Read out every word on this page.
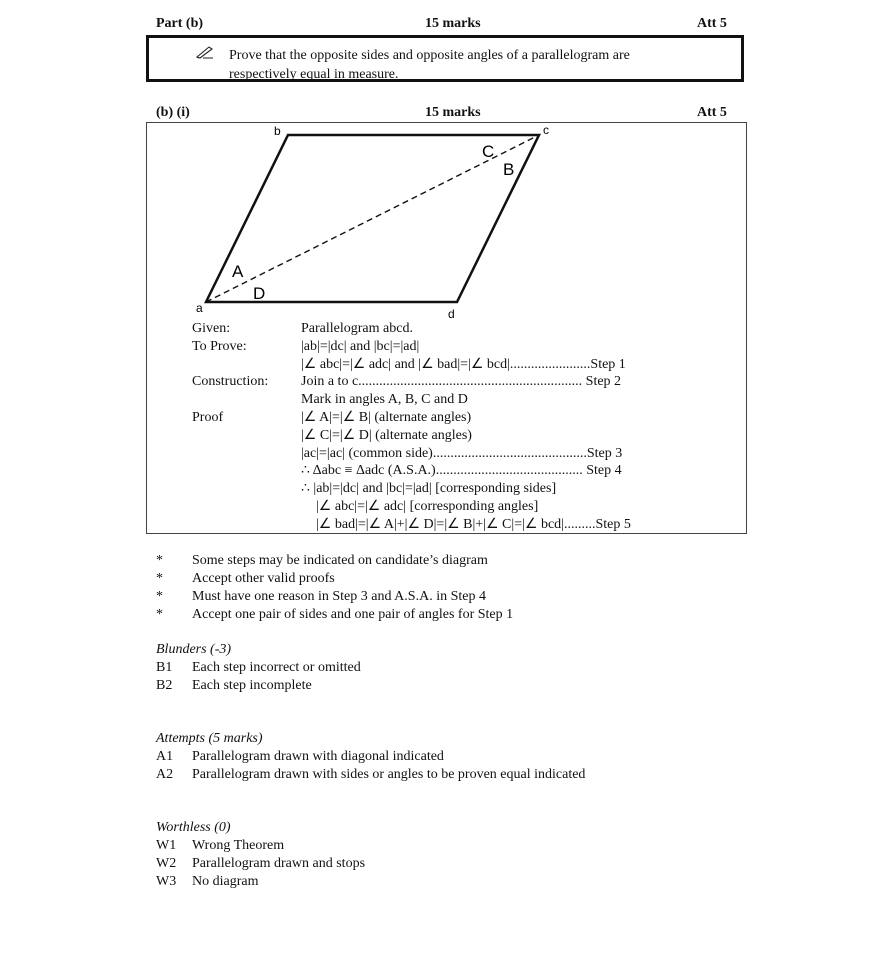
Part (b)	15 marks	Att 5
Prove that the opposite sides and opposite angles of a parallelogram are
respectively equal in measure.
(b) (i)	15 marks	Att 5
a
b	c
d
A
B
C
D
Given:	Parallelogram abcd.
To Prove:	|ab|=|dc| and |bc|=|ad|
|∠ abc|=|∠ adc| and |∠ bad|=|∠ bcd|.......................Step 1
Construction: Join a to c................................................................ Step 2
Mark in angles A, B, C and D
Proof	|∠ A|=|∠ B| (alternate angles)
|∠ C|=|∠ D| (alternate angles)
|ac|=|ac| (common side)............................................Step 3
∴ Δabc ≡ Δadc (A.S.A.).......................................... Step 4
∴ |ab|=|dc| and |bc|=|ad| [corresponding sides]
|∠ abc|=|∠ adc| [corresponding angles]
|∠ bad|=|∠ A|+|∠ D|=|∠ B|+|∠ C|=|∠ bcd|.........Step 5
* Some steps may be indicated on candidate’s diagram
* Accept other valid proofs
* Must have one reason in Step 3 and A.S.A. in Step 4
* Accept one pair of sides and one pair of angles for Step 1
Blunders (-3)
B1 Each step incorrect or omitted
B2 Each step incomplete
Attempts (5 marks)
A1 Parallelogram drawn with diagonal indicated
A2 Parallelogram drawn with sides or angles to be proven equal indicated
Worthless (0)
W1 Wrong Theorem
W2 Parallelogram drawn and stops
W3 No diagram
